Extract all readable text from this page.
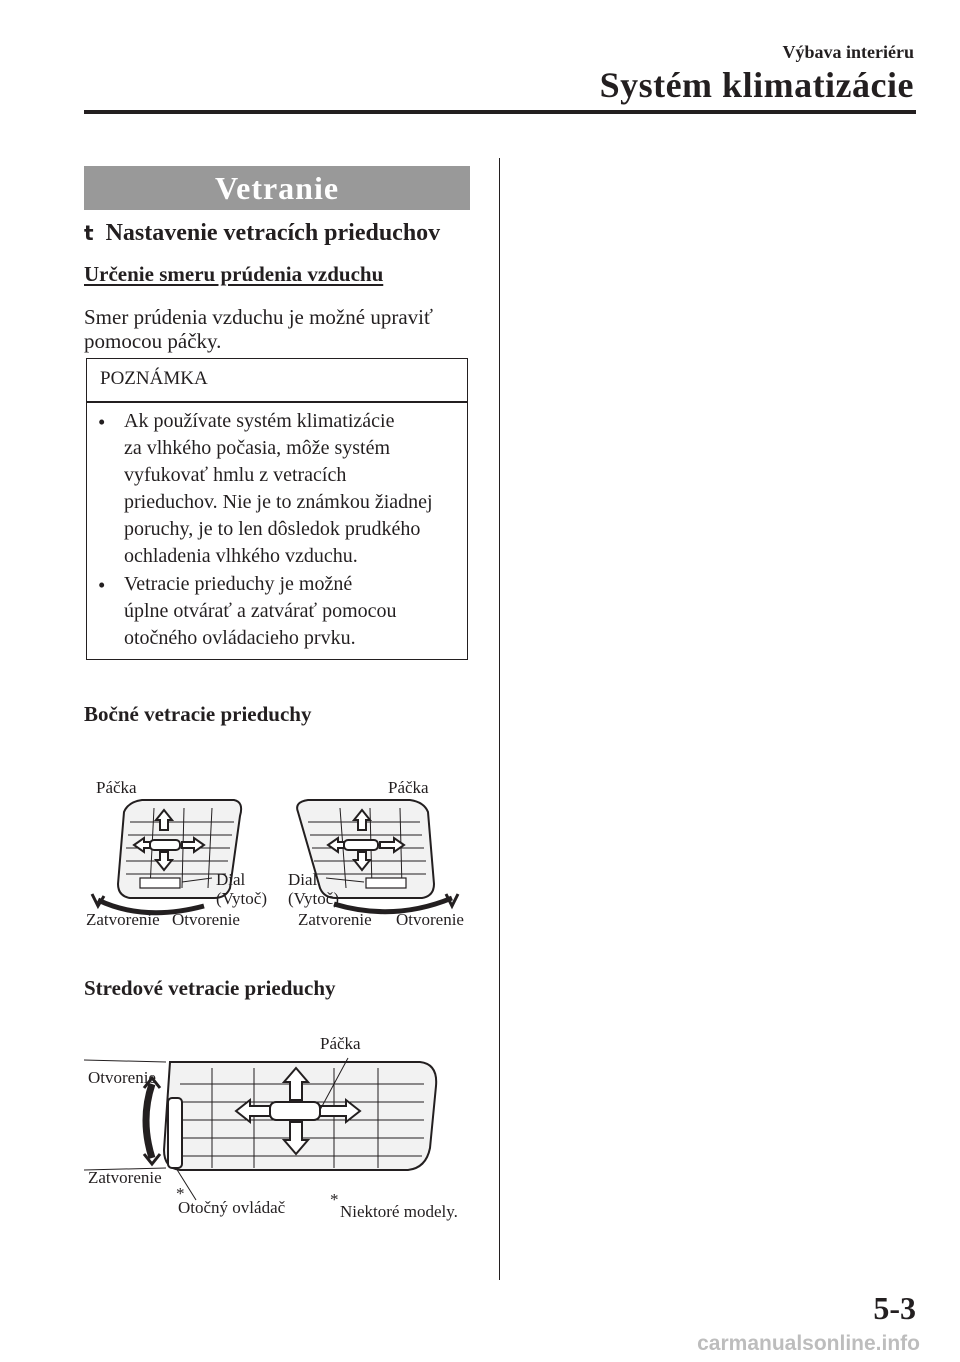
Výbava interiéru
Systém klimatizácie
Vetranie
t Nastavenie vetracích prieduchov
Určenie smeru prúdenia vzduchu
Smer prúdenia vzduchu je možné upraviť
pomocou páčky.
POZNÁMKA
• Ak používate systém klimatizácie
za vlhkého počasia, môže systém
vyfukovať hmlu z vetracích
prieduchov. Nie je to známkou žiadnej
poruchy, je to len dôsledok prudkého
ochladenia vlhkého vzduchu.
• Vetracie prieduchy je možné
úplne otvárať a zatvárať pomocou
otočného ovládacieho prvku.
Bočné vetracie prieduchy
Páčka	Páčka
Dial
(Vytoč)
Dial
(Vytoč)
Zatvorenie Otvorenie	Zatvorenie Otvorenie
Stredové vetracie prieduchy
Páčka
Otvorenie
Zatvorenie
*
Otočný ovládač	*
Niektoré modely.
5-3
carmanualsonline.info
